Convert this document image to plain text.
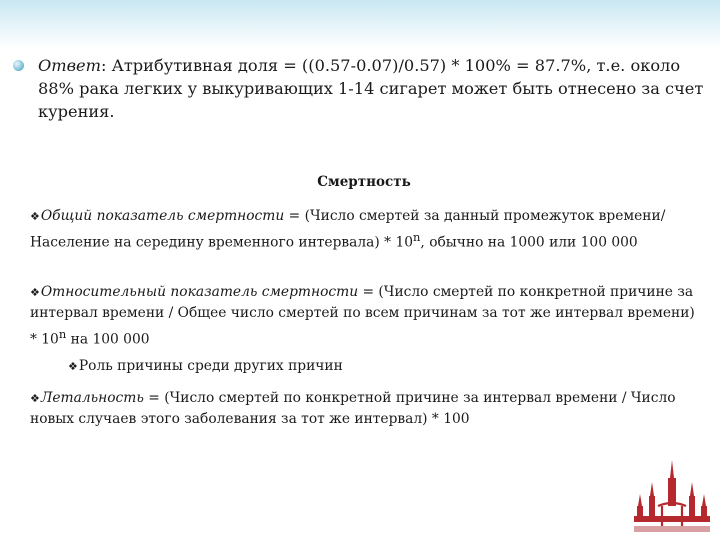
Ответ: Атрибутивная доля = ((0.57-0.07)/0.57) * 100% = 87.7%, т.е. около 88% рака легких у выкуривающих 1-14 сигарет может быть отнесено за счет курения.
Смертность
❖Общий показатель смертности = (Число смертей за данный промежуток времени/ Население на середину временного интервала) * 10$^n$, обычно на 1000 или 100 000
❖Относительный показатель смертности = (Число смертей по конкретной причине за интервал времени / Общее число смертей по всем причинам за тот же интервал времени) * 10$^n$ на 100 000
❖Роль причины среди других причин
❖Летальность = (Число смертей по конкретной причине за интервал времени / Число новых случаев этого заболевания за тот же интервал) * 100
